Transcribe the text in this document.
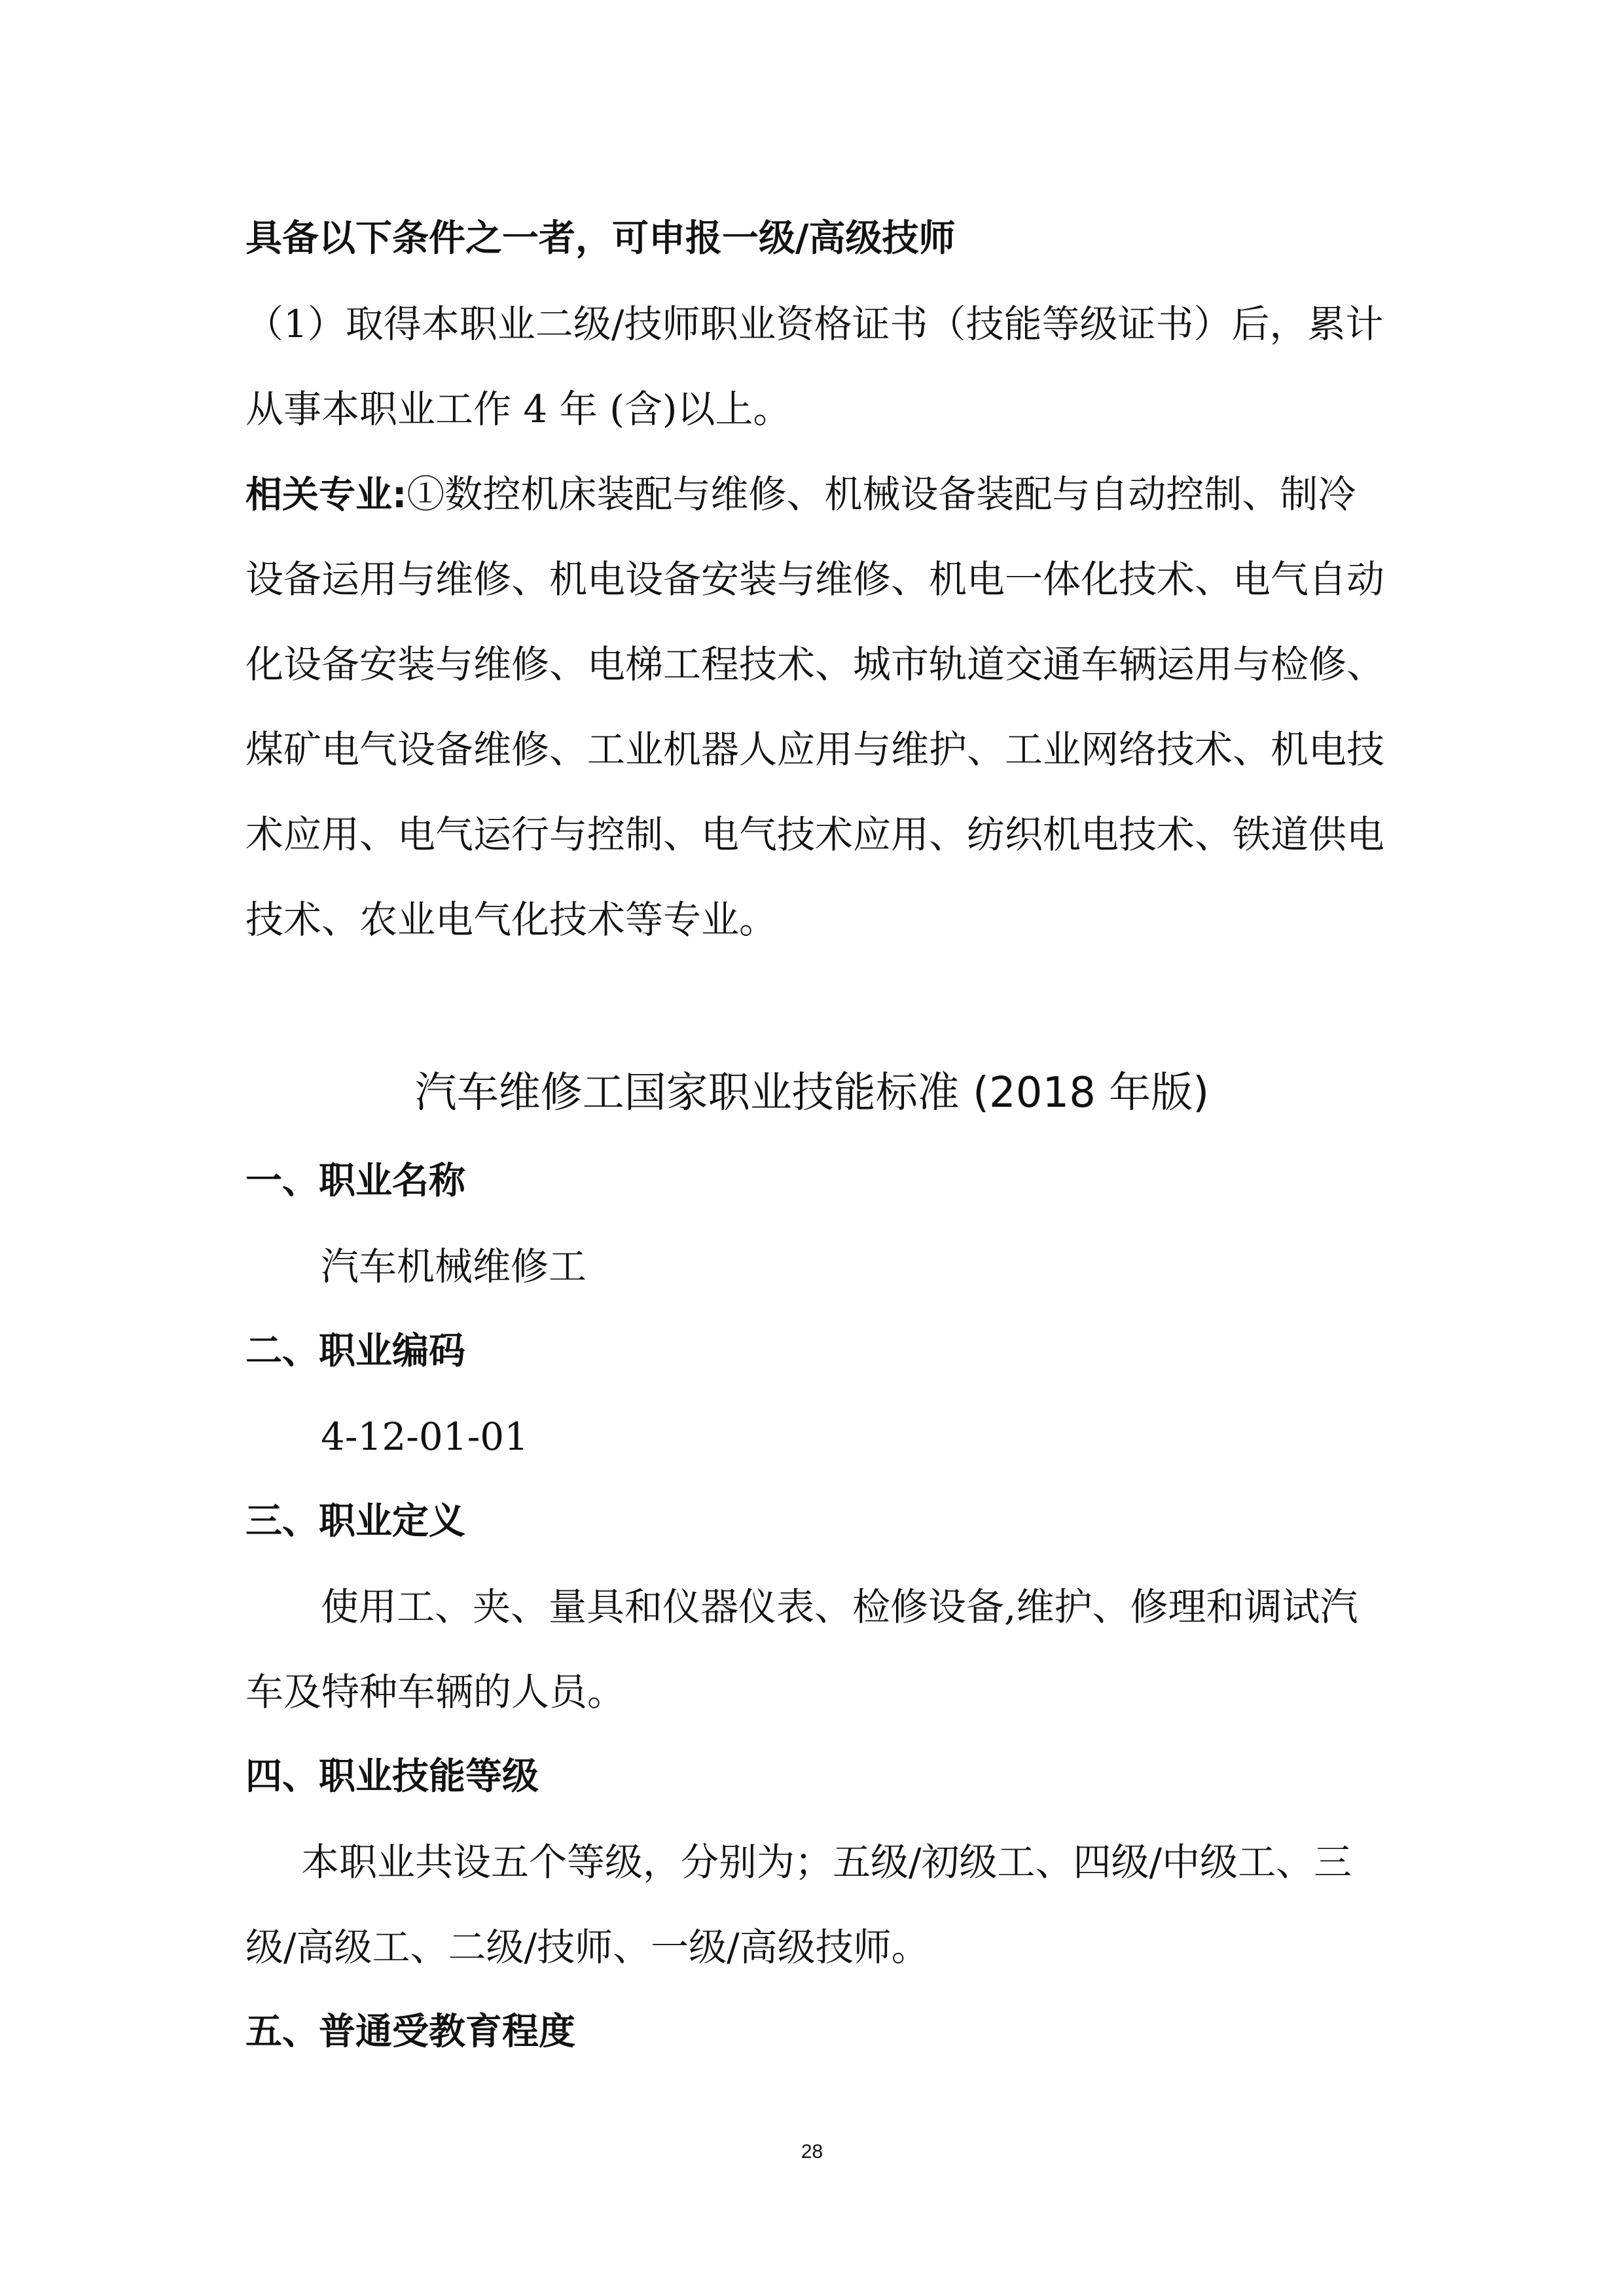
具备以下条件之一者，可申报一级/高级技师
（1）取得本职业二级/技师职业资格证书（技能等级证书）后，累计
从事本职业工作 4 年 (含)以上。
相关专业:①数控机床装配与维修、机械设备装配与自动控制、制冷
设备运用与维修、机电设备安装与维修、机电一体化技术、电气自动
化设备安装与维修、电梯工程技术、城市轨道交通车辆运用与检修、
煤矿电气设备维修、工业机器人应用与维护、工业网络技术、机电技
术应用、电气运行与控制、电气技术应用、纺织机电技术、铁道供电
技术、农业电气化技术等专业。
汽车维修工国家职业技能标准 (2018 年版)
一、职业名称
汽车机械维修工
二、职业编码
4-12-01-01
三、职业定义
使用工、夹、量具和仪器仪表、检修设备,维护、修理和调试汽
车及特种车辆的人员。
四、职业技能等级
本职业共设五个等级，分别为；五级/初级工、四级/中级工、三
级/高级工、二级/技师、一级/高级技师。
五、普通受教育程度
28
